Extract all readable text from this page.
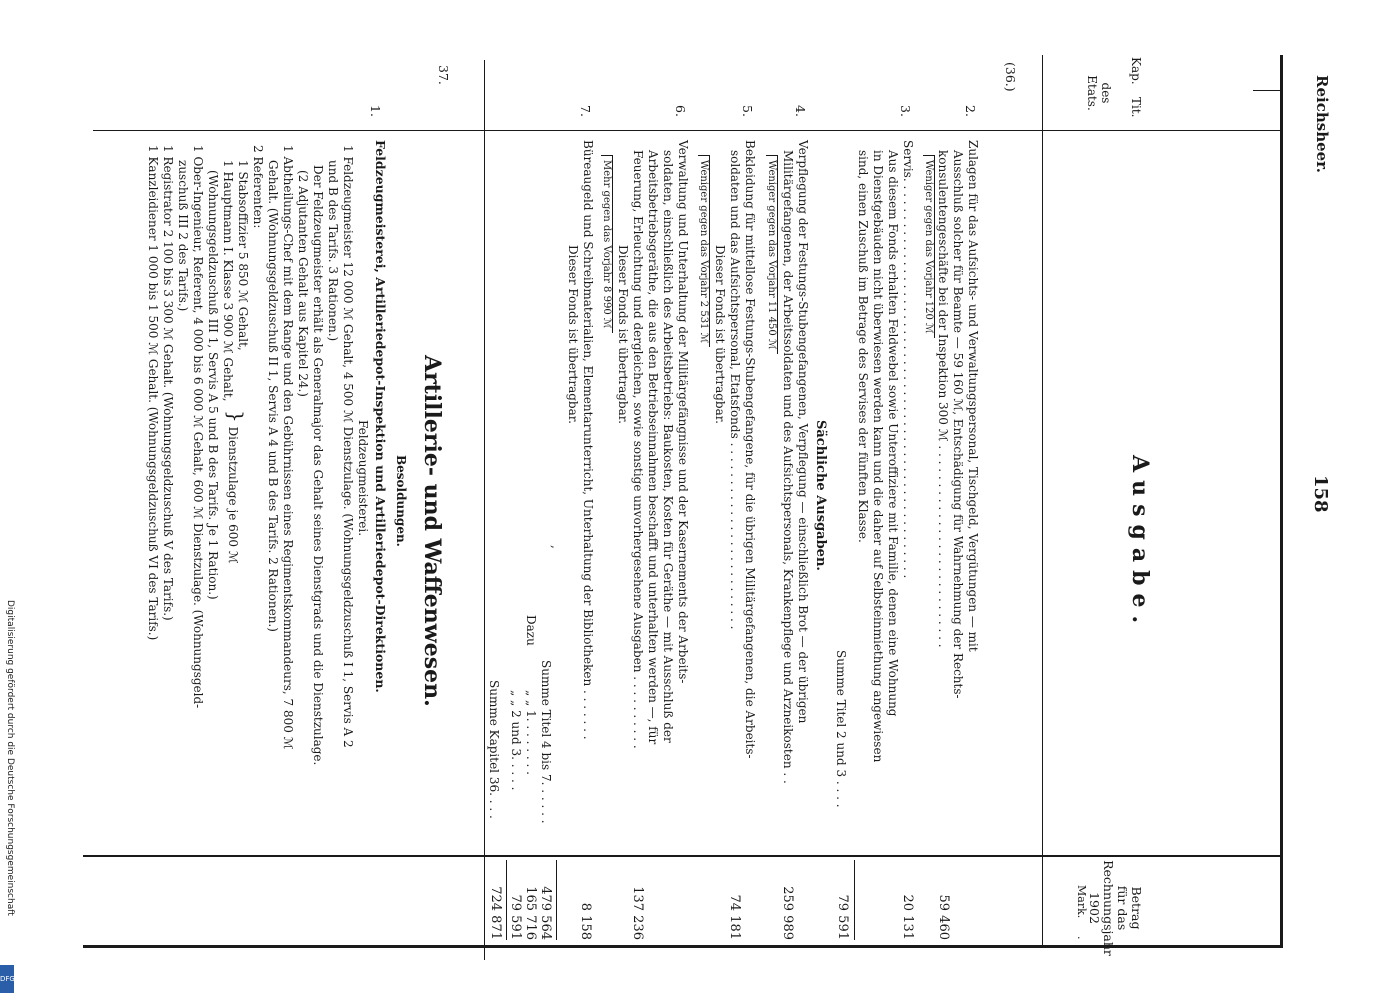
Reichsheer.
158
Kap.
Tit.
des Etats.
Betrag
für das
Rechnungsjahr
1902
Mark.
.
Ausgabe.
(36.)
2.
Zulagen für das Aufsichts- und Verwaltungspersonal, Tischgeld, Vergütungen — mit
Ausschluß solcher für Beamte — 59 160 ℳ, Entschädigung für Wahrnehmung der Rechts-
konsulentengeschäfte bei der Inspektion 300 ℳ . . . . . . . . . . . . . . . . . . . . . . . . . . .
Weniger gegen das Vorjahr 120 ℳ
59 460
3.
Servis. . . . . . . . . . . . . . . . . . . . . . . . . . . . . . . . . . . . . . . . . . . . . . . . . . . . .
Aus diesem Fonds erhalten Feldwebel sowie Unteroffiziere mit Familie, denen eine Wohnung
in Dienstgebäuden nicht überwiesen werden kann und die daher auf Selbsteinmiethung angewiesen
sind, einen Zuschuß im Betrage des Servises der fünften Klasse.
20 131
Summe Titel 2 und 3 . . . .
79 591
Sächliche Ausgaben.
4.
Verpflegung der Festungs-Stubengefangenen, Verpflegung — einschließlich Brot — der übrigen
Militärgefangenen, der Arbeitssoldaten und des Aufsichtspersonals, Krankenpflege und Arzneikosten . .
Weniger gegen das Vorjahr 11 450 ℳ
259 989
5.
Bekleidung für mittellose Festungs-Stubengefangene, für die übrigen Militärgefangenen, die Arbeits-
soldaten und das Aufsichtspersonal, Etatsfonds . . . . . . . . . . . . . . . . . . . . . . . . .
Dieser Fonds ist übertragbar.
Weniger gegen das Vorjahr 2 531 ℳ
74 181
6.
Verwaltung und Unterhaltung der Militärgefängnisse und der Kasernements der Arbeits-
soldaten, einschließlich des Arbeitsbetriebs: Baukosten, Kosten für Geräthe — mit Ausschluß der
Arbeitsbetriebsgeräthe, die aus den Betriebseinnahmen beschafft und unterhalten werden —, für
Feuerung, Erleuchtung und dergleichen, sowie sonstige unvorhergesehene Ausgaben . . . . . . . . . .
Dieser Fonds ist übertragbar.
Mehr gegen das Vorjahr 8 990 ℳ
137 236
7.
Büreaugeld und Schreibmaterialien, Elementarunterricht, Unterhaltung der Bibliotheken . . . . . . .
Dieser Fonds ist übertragbar.
,
8 158
Summe Titel 4 bis 7. . . . . .
479 564
Dazu
„ „ 1. . . . . . . .
165 716
„ „ 2 und 3. . . . .
79 591
Summe Kapitel 36. . . .
724 871
37.
Artillerie- und Waffenwesen.
Besoldungen.
1.
Feldzeugmeisterei, Artilleriedepot-Inspektion und Artilleriedepot-Direktionen.
Feldzeugmeisterei.
1 Feldzeugmeister 12 000 ℳ Gehalt, 4 500 ℳ Dienstzulage. (Wohnungsgeldzuschuß I 1, Servis A 2
und B des Tarifs. 3 Rationen.)
Der Feldzeugmeister erhält als Generalmajor das Gehalt seines Dienstgrads und die Dienstzulage.
(2 Adjutanten Gehalt aus Kapitel 24.)
1 Abtheilungs-Chef mit dem Range und den Gebührnissen eines Regimentskommandeurs, 7 800 ℳ
Gehalt. (Wohnungsgeldzuschuß II 1, Servis A 4 und B des Tarifs. 2 Rationen.)
2 Referenten:
1 Stabsoffizier 5 850 ℳ Gehalt,
1 Hauptmann I. Klasse 3 900 ℳ Gehalt,
} Dienstzulage je 600 ℳ
(Wohnungsgeldzuschuß III 1, Servis A 5 und B des Tarifs. Je 1 Ration.)
1 Ober-Ingenieur, Referent, 4 000 bis 6 000 ℳ Gehalt, 600 ℳ Dienstzulage. (Wohnungsgeld-
zuschuß III 2 des Tarifs.)
1 Registrator 2 100 bis 3 300 ℳ Gehalt. (Wohnungsgeldzuschuß V des Tarifs.)
1 Kanzleidiener 1 000 bis 1 500 ℳ Gehalt. (Wohnungsgeldzuschuß VI des Tarifs.)
Digitalisierung gefördert durch die Deutsche Forschungsgemeinschaft
DFG
